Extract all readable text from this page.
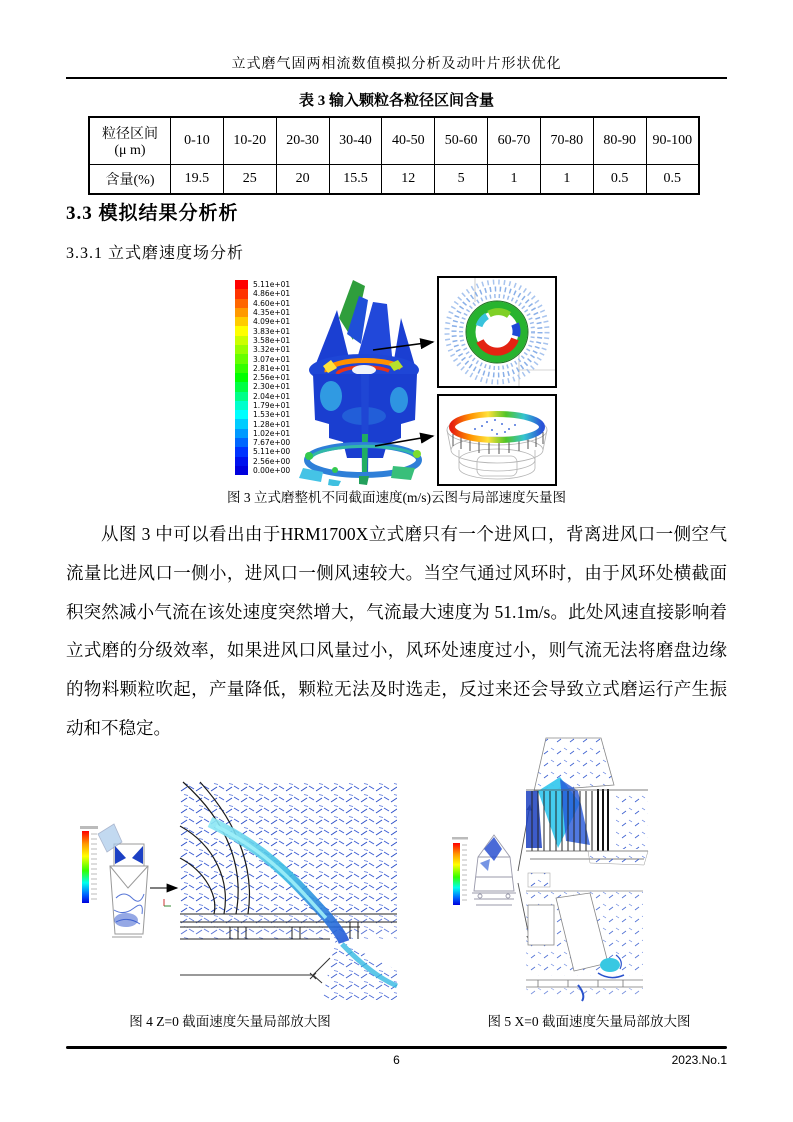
立式磨气固两相流数值模拟分析及动叶片形状优化
表 3 输入颗粒各粒径区间含量
粒径区间
(μ m)	0-10	10-20	20-30	30-40	40-50	50-60	60-70	70-80	80-90	90-100
含量(%)	19.5	25	20	15.5	12	5	1	1	0.5	0.5
3.3 模拟结果分析析
3.3.1 立式磨速度场分析
5.11e+01
4.86e+01
4.60e+01
4.35e+01
4.09e+01
3.83e+01
3.58e+01
3.32e+01
3.07e+01
2.81e+01
2.56e+01
2.30e+01
2.04e+01
1.79e+01
1.53e+01
1.28e+01
1.02e+01
7.67e+00
5.11e+00
2.56e+00
0.00e+00
图 3 立式磨整机不同截面速度(m/s)云图与局部速度矢量图
从图 3 中可以看出由于HRM1700X立式磨只有一个进风口，背离进风口一侧空气流量比进风口一侧小，进风口一侧风速较大。当空气通过风环时，由于风环处横截面积突然减小气流在该处速度突然增大，气流最大速度为 51.1m/s。此处风速直接影响着立式磨的分级效率，如果进风口风量过小，风环处速度过小，则气流无法将磨盘边缘的物料颗粒吹起，产量降低，颗粒无法及时选走，反过来还会导致立式磨运行产生振动和不稳定。
图 4 Z=0 截面速度矢量局部放大图	图 5 X=0 截面速度矢量局部放大图
6	2023.No.1
